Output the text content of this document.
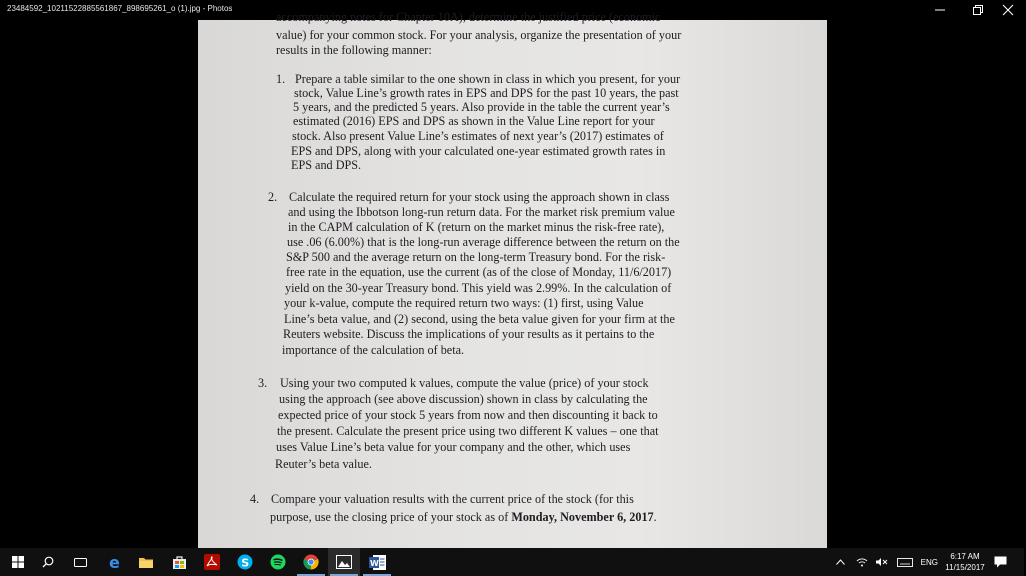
23484592_10211522885561867_898695261_o (1).jpg - Photos
accompanying notes for Chapter 10A), determine the justified price (economic
value) for your common stock. For your analysis, organize the presentation of your
results in the following manner:
1. Prepare a table similar to the one shown in class in which you present, for your
stock, Value Line’s growth rates in EPS and DPS for the past 10 years, the past
5 years, and the predicted 5 years. Also provide in the table the current year’s
estimated (2016) EPS and DPS as shown in the Value Line report for your
stock. Also present Value Line’s estimates of next year’s (2017) estimates of
EPS and DPS, along with your calculated one-year estimated growth rates in
EPS and DPS.
2. Calculate the required return for your stock using the approach shown in class
and using the Ibbotson long-run return data. For the market risk premium value
in the CAPM calculation of K (return on the market minus the risk-free rate),
use .06 (6.00%) that is the long-run average difference between the return on the
S&P 500 and the average return on the long-term Treasury bond. For the risk-
free rate in the equation, use the current (as of the close of Monday, 11/6/2017)
yield on the 30-year Treasury bond. This yield was 2.99%. In the calculation of
your k-value, compute the required return two ways: (1) first, using Value
Line’s beta value, and (2) second, using the beta value given for your firm at the
Reuters website. Discuss the implications of your results as it pertains to the
importance of the calculation of beta.
3. Using your two computed k values, compute the value (price) of your stock
using the approach (see above discussion) shown in class by calculating the
expected price of your stock 5 years from now and then discounting it back to
the present. Calculate the present price using two different K values – one that
uses Value Line’s beta value for your company and the other, which uses
Reuter’s beta value.
4. Compare your valuation results with the current price of the stock (for this
purpose, use the closing price of your stock as of Monday, November 6, 2017.
e	S	W	ENG
6:17 AM
11/15/2017
